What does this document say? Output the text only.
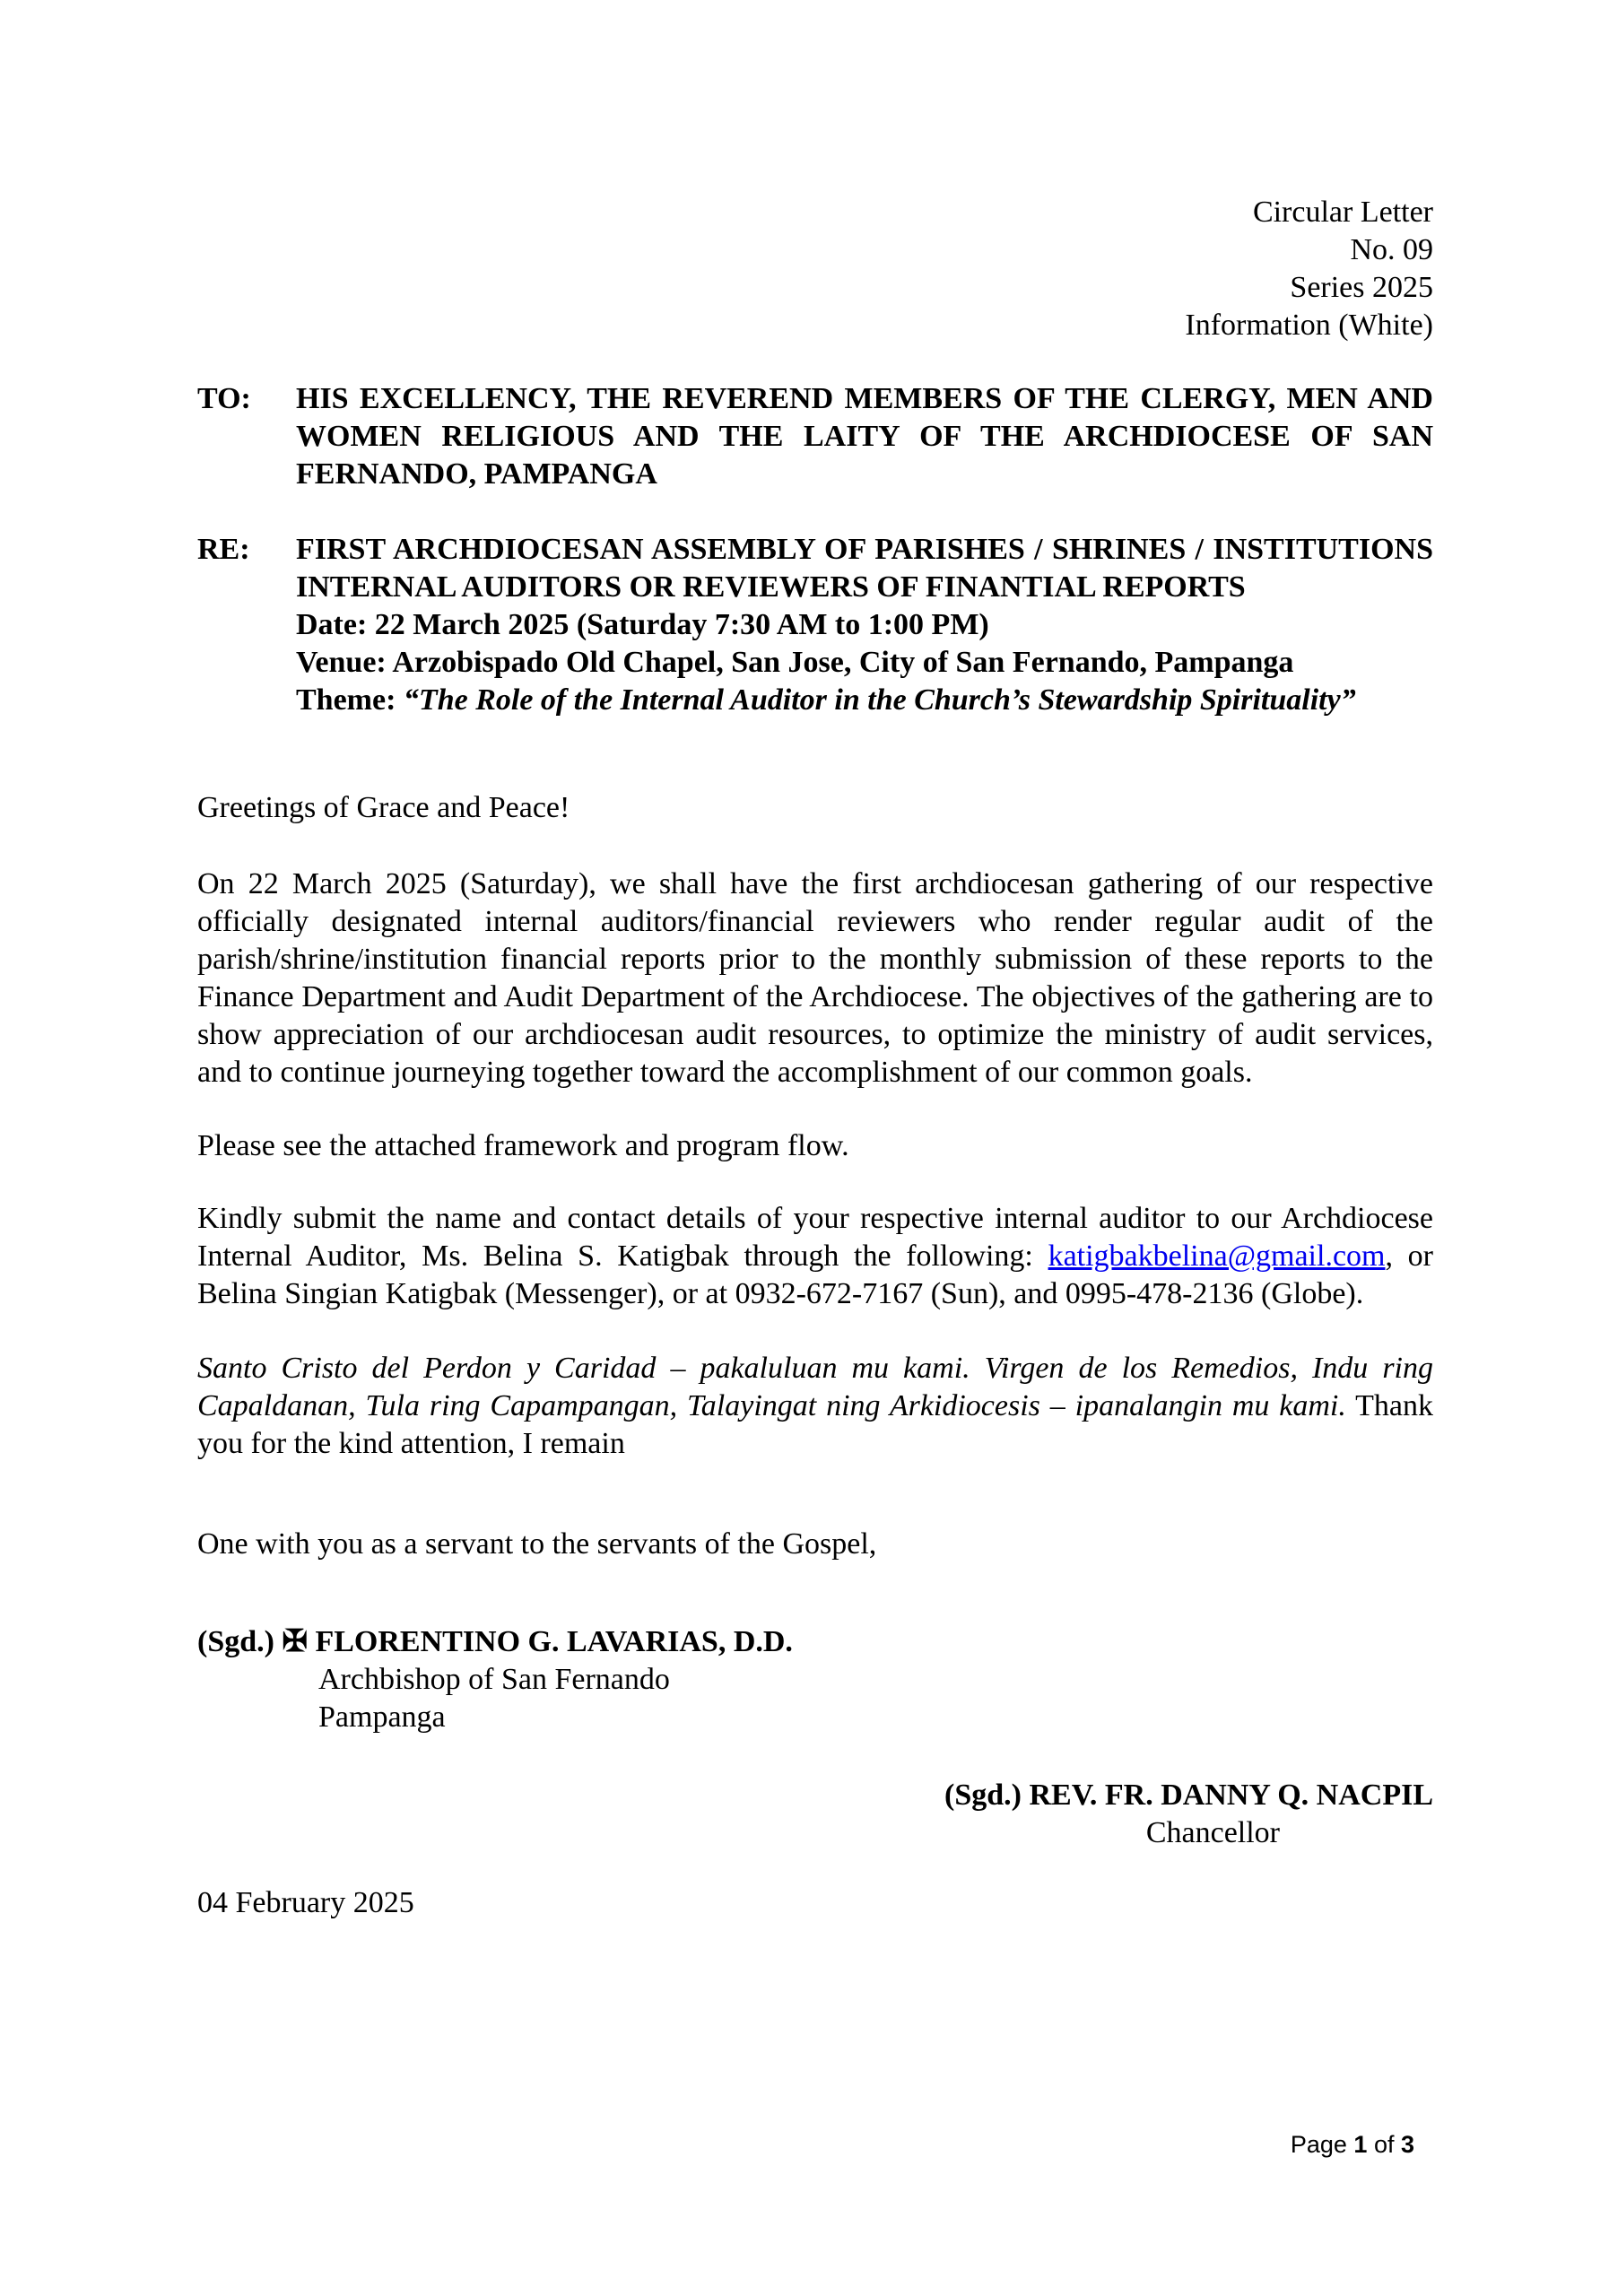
Circular Letter
No. 09
Series 2025
Information (White)
TO: HIS EXCELLENCY, THE REVEREND MEMBERS OF THE CLERGY, MEN AND WOMEN RELIGIOUS AND THE LAITY OF THE ARCHDIOCESE OF SAN FERNANDO, PAMPANGA
RE: FIRST ARCHDIOCESAN ASSEMBLY OF PARISHES / SHRINES / INSTITUTIONS INTERNAL AUDITORS OR REVIEWERS OF FINANTIAL REPORTS
Date: 22 March 2025 (Saturday 7:30 AM to 1:00 PM)
Venue: Arzobispado Old Chapel, San Jose, City of San Fernando, Pampanga
Theme: “The Role of the Internal Auditor in the Church’s Stewardship Spirituality”

Greetings of Grace and Peace!

On 22 March 2025 (Saturday), we shall have the first archdiocesan gathering of our respective officially designated internal auditors/financial reviewers who render regular audit of the parish/shrine/institution financial reports prior to the monthly submission of these reports to the Finance Department and Audit Department of the Archdiocese. The objectives of the gathering are to show appreciation of our archdiocesan audit resources, to optimize the ministry of audit services, and to continue journeying together toward the accomplishment of our common goals.

Please see the attached framework and program flow.

Kindly submit the name and contact details of your respective internal auditor to our Archdiocese Internal Auditor, Ms. Belina S. Katigbak through the following: katigbakbelina@gmail.com, or Belina Singian Katigbak (Messenger), or at 0932-672-7167 (Sun), and 0995-478-2136 (Globe).

Santo Cristo del Perdon y Caridad – pakaluluan mu kami. Virgen de los Remedios, Indu ring Capaldanan, Tula ring Capampangan, Talayingat ning Arkidiocesis – ipanalangin mu kami. Thank you for the kind attention, I remain

One with you as a servant to the servants of the Gospel,

(Sgd.) ✠ FLORENTINO G. LAVARIAS, D.D.
Archbishop of San Fernando
Pampanga
(Sgd.) REV. FR. DANNY Q. NACPIL
Chancellor
04 February 2025
Page 1 of 3
